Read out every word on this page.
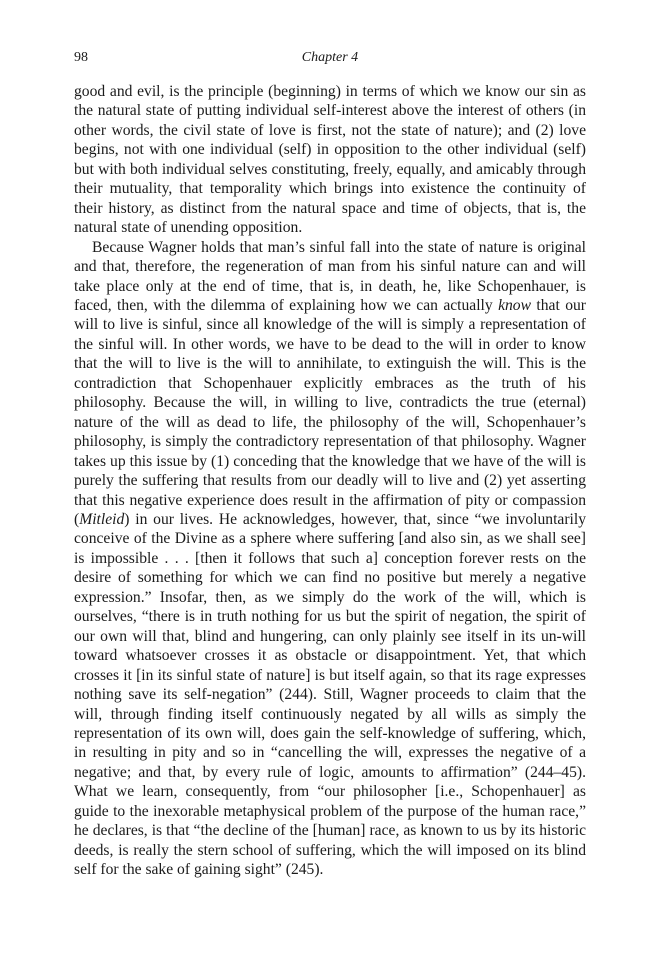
98	Chapter 4

good and evil, is the principle (beginning) in terms of which we know our sin as the natural state of putting individual self-interest above the interest of others (in other words, the civil state of love is first, not the state of nature); and (2) love begins, not with one individual (self) in opposition to the other individual (self) but with both individual selves constituting, freely, equally, and amicably through their mutuality, that temporality which brings into existence the continuity of their history, as distinct from the natural space and time of objects, that is, the natural state of unending opposition.

Because Wagner holds that man’s sinful fall into the state of nature is original and that, therefore, the regeneration of man from his sinful nature can and will take place only at the end of time, that is, in death, he, like Schopenhauer, is faced, then, with the dilemma of explaining how we can actually know that our will to live is sinful, since all knowledge of the will is simply a representation of the sinful will. In other words, we have to be dead to the will in order to know that the will to live is the will to annihilate, to extinguish the will. This is the contradiction that Schopenhauer explicitly embraces as the truth of his philosophy. Because the will, in willing to live, contradicts the true (eternal) nature of the will as dead to life, the philosophy of the will, Schopenhauer’s philosophy, is simply the contradictory representation of that philosophy. Wagner takes up this issue by (1) conceding that the knowledge that we have of the will is purely the suffering that results from our deadly will to live and (2) yet asserting that this negative experience does result in the affirmation of pity or compassion (Mitleid) in our lives. He acknowledges, however, that, since “we involuntarily conceive of the Divine as a sphere where suffering [and also sin, as we shall see] is impossible . . . [then it follows that such a] conception forever rests on the desire of something for which we can find no positive but merely a negative expression.” Insofar, then, as we simply do the work of the will, which is ourselves, “there is in truth nothing for us but the spirit of negation, the spirit of our own will that, blind and hungering, can only plainly see itself in its un-will toward whatsoever crosses it as obstacle or disappointment. Yet, that which crosses it [in its sinful state of nature] is but itself again, so that its rage expresses nothing save its self-negation” (244). Still, Wagner proceeds to claim that the will, through finding itself continuously negated by all wills as simply the representation of its own will, does gain the self-knowledge of suffering, which, in resulting in pity and so in “cancelling the will, expresses the negative of a negative; and that, by every rule of logic, amounts to affirmation” (244–45). What we learn, consequently, from “our philosopher [i.e., Schopenhauer] as guide to the inexorable metaphysical problem of the purpose of the human race,” he declares, is that “the decline of the [human] race, as known to us by its historic deeds, is really the stern school of suffering, which the will imposed on its blind self for the sake of gaining sight” (245).
